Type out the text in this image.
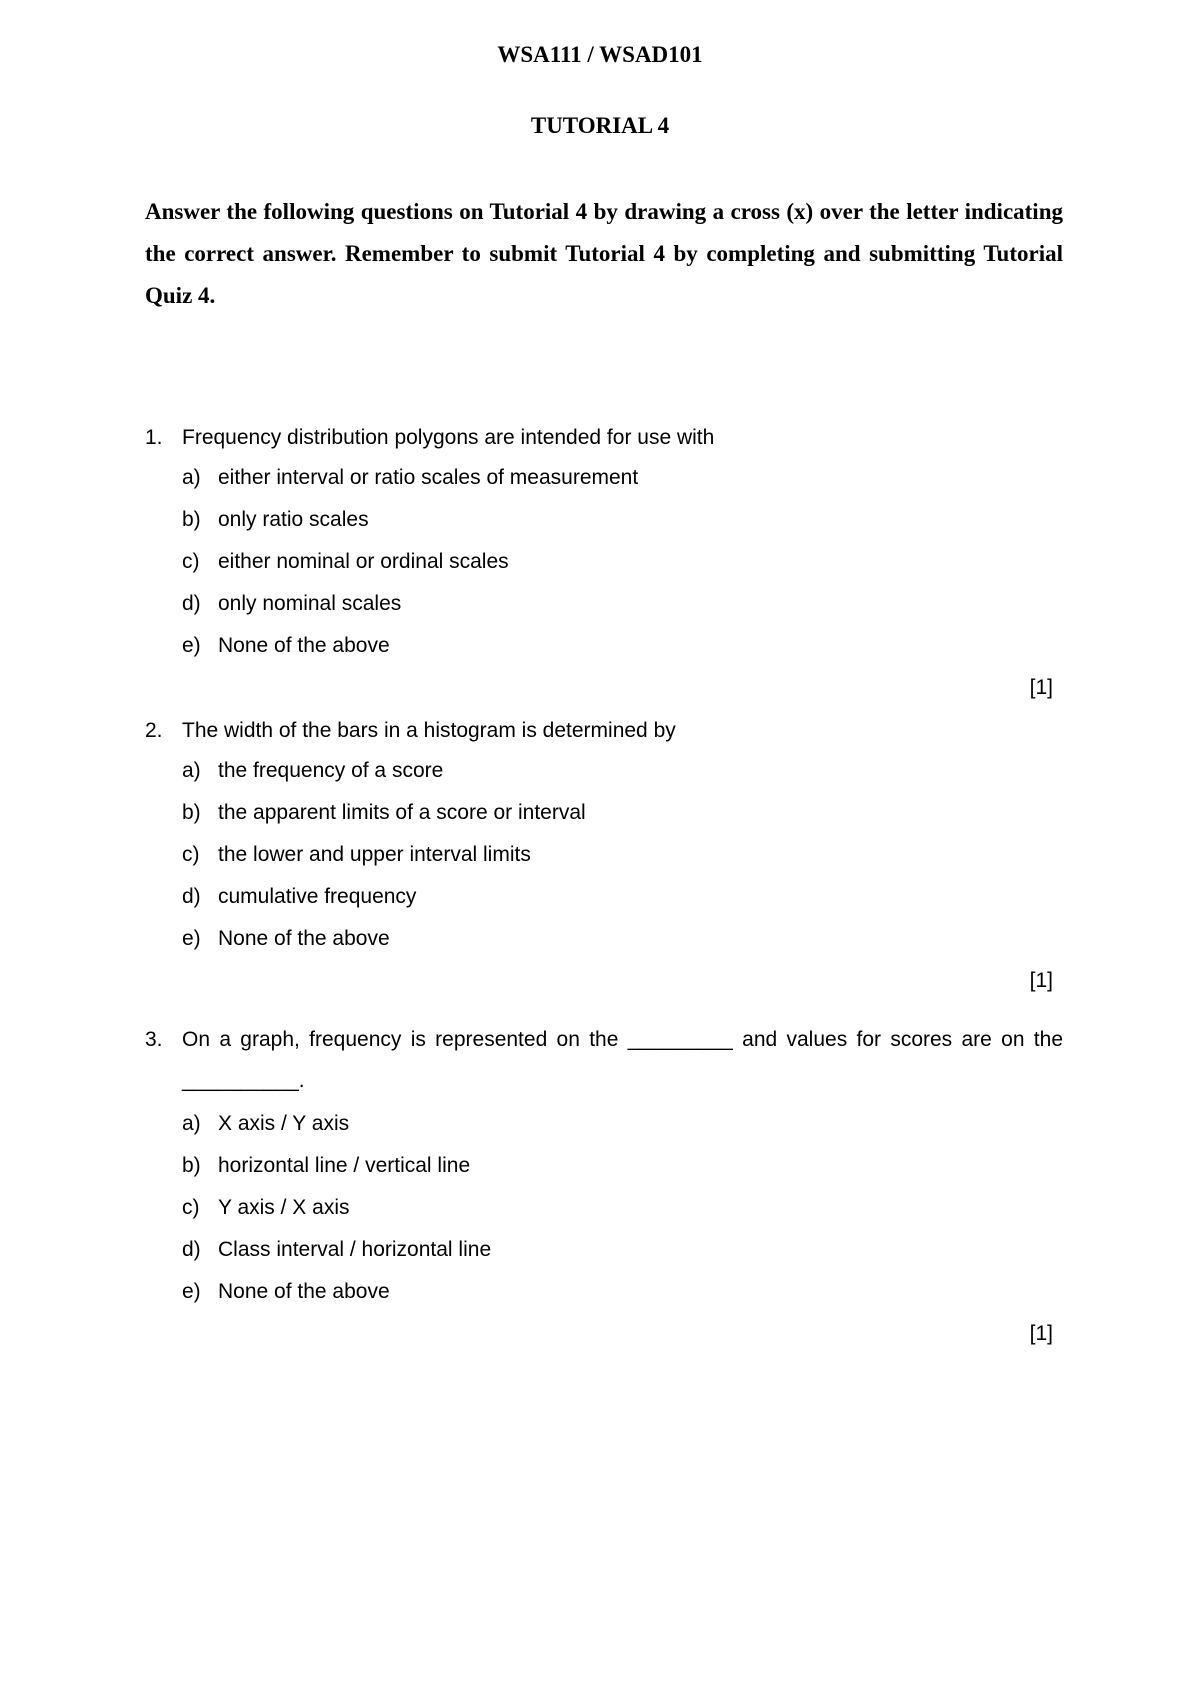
WSA111 / WSAD101
TUTORIAL 4
Answer the following questions on Tutorial 4 by drawing a cross (x) over the letter indicating the correct answer. Remember to submit Tutorial 4 by completing and submitting Tutorial Quiz 4.
1. Frequency distribution polygons are intended for use with
a) either interval or ratio scales of measurement
b) only ratio scales
c) either nominal or ordinal scales
d) only nominal scales
e) None of the above
[1]
2. The width of the bars in a histogram is determined by
a) the frequency of a score
b) the apparent limits of a score or interval
c) the lower and upper interval limits
d) cumulative frequency
e) None of the above
[1]
3. On a graph, frequency is represented on the _________ and values for scores are on the
__________.
a) X axis / Y axis
b) horizontal line / vertical line
c) Y axis / X axis
d) Class interval / horizontal line
e) None of the above
[1]
